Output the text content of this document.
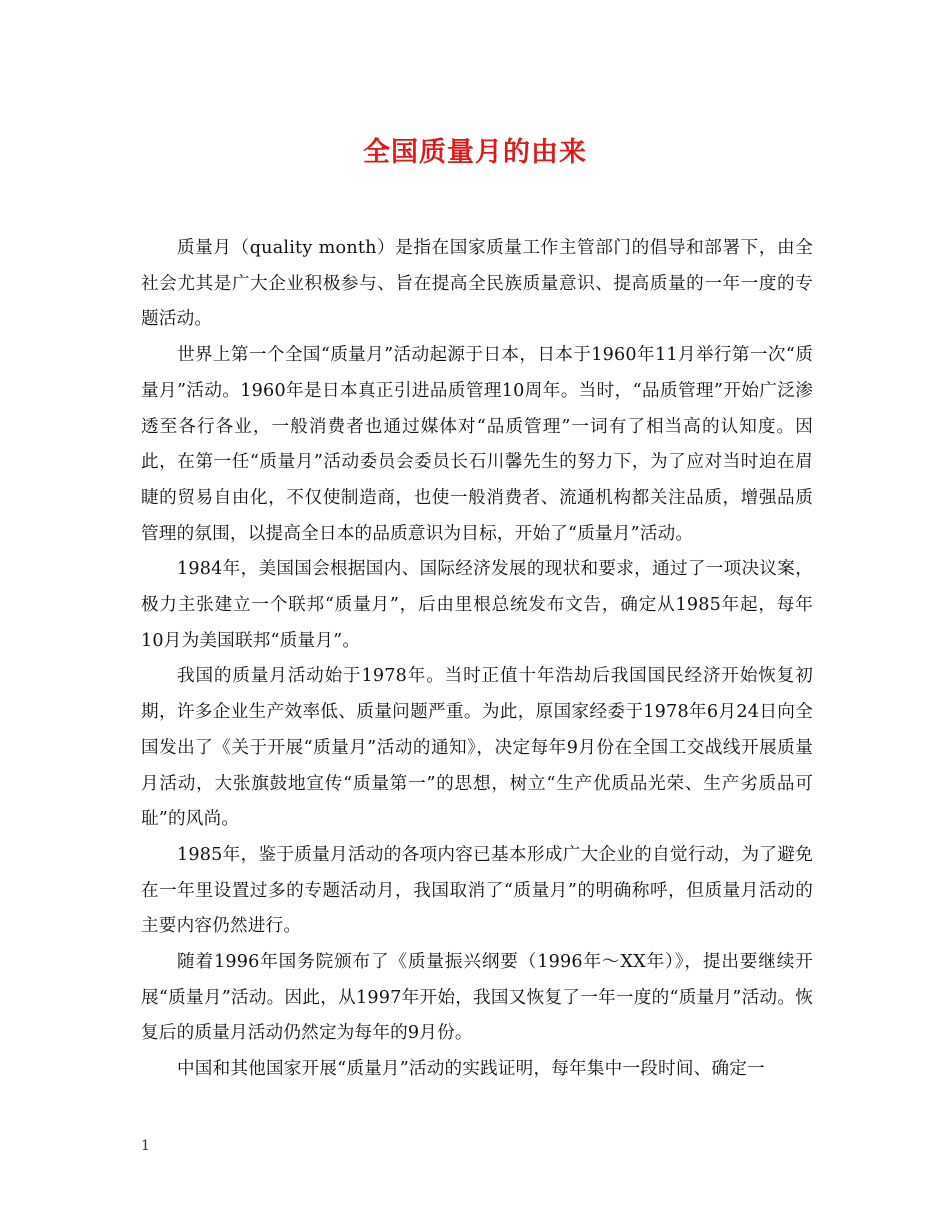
全国质量月的由来

质量月（quality month）是指在国家质量工作主管部门的倡导和部署下，由全社会尤其是广大企业积极参与、旨在提高全民族质量意识、提高质量的一年一度的专题活动。

世界上第一个全国“质量月”活动起源于日本，日本于1960年11月举行第一次“质量月”活动。1960年是日本真正引进品质管理10周年。当时，“品质管理”开始广泛渗透至各行各业，一般消费者也通过媒体对“品质管理”一词有了相当高的认知度。因此，在第一任“质量月”活动委员会委员长石川馨先生的努力下，为了应对当时迫在眉睫的贸易自由化，不仅使制造商，也使一般消费者、流通机构都关注品质，增强品质管理的氛围，以提高全日本的品质意识为目标，开始了“质量月”活动。

1984年，美国国会根据国内、国际经济发展的现状和要求，通过了一项决议案，极力主张建立一个联邦“质量月”，后由里根总统发布文告，确定从1985年起，每年10月为美国联邦“质量月”。

我国的质量月活动始于1978年。当时正值十年浩劫后我国国民经济开始恢复初期，许多企业生产效率低、质量问题严重。为此，原国家经委于1978年6月24日向全国发出了《关于开展“质量月”活动的通知》，决定每年9月份在全国工交战线开展质量月活动，大张旗鼓地宣传“质量第一”的思想，树立“生产优质品光荣、生产劣质品可耻”的风尚。

1985年，鉴于质量月活动的各项内容已基本形成广大企业的自觉行动，为了避免在一年里设置过多的专题活动月，我国取消了“质量月”的明确称呼，但质量月活动的主要内容仍然进行。

随着1996年国务院颁布了《质量振兴纲要（1996年～XX年）》，提出要继续开展“质量月”活动。因此，从1997年开始，我国又恢复了一年一度的“质量月”活动。恢复后的质量月活动仍然定为每年的9月份。

中国和其他国家开展“质量月”活动的实践证明，每年集中一段时间、确定一

1
